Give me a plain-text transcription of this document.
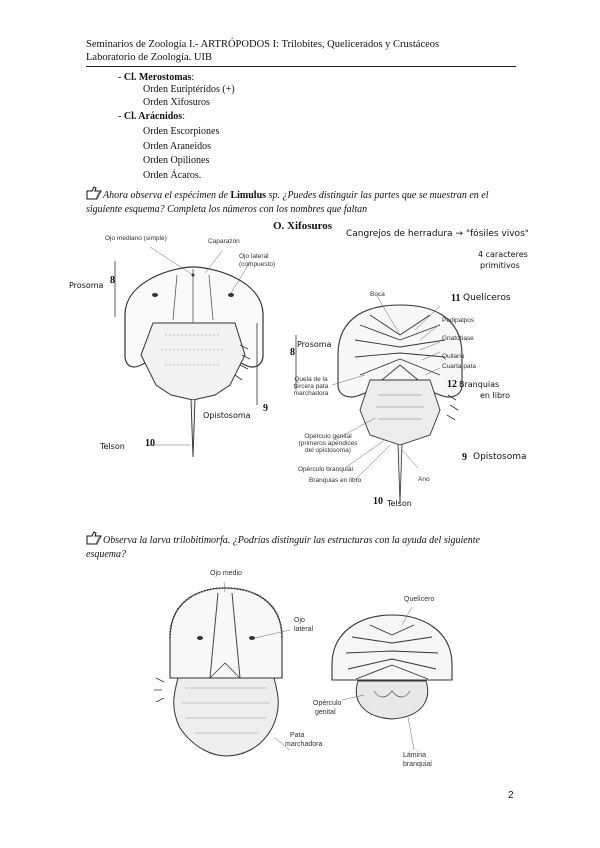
Seminarios de Zoología I.- ARTRÓPODOS I: Trilobites, Quelicerados y Crustáceos
Laboratorio de Zoología. UIB
- Cl. Merostomas:
Orden Euriptéridos (+)
Orden Xifosuros
- Cl. Arácnidos:
Orden Escorpiones
Orden Araneidos
Orden Opiliones
Orden Ácaros.
Ahora observa el espécimen de Limulus sp. ¿Puedes distinguir las partes que se muestran en el
siguiente esquema? Completa los números con los nombres que faltan
O. Xifosuros
Cangrejos de herradura → "fósiles vivos"
4 caracteres
primitivos
Ojo mediano (simple)	Caparazón
Ojo lateral
(compuesto)
8
Prosoma
9
Opistosoma
10
Telson
Boca	11 Quelíceros
Pedipalpos
Gnatobase
Quilario
Cuarta pata
12 Branquias
en libro
8
Prosoma
Quela de la
tercera pata
marchadora
Opérculo genital
(primeros apéndices
del opistosoma)
Opérculo branquial
Branquias en libro	Ano
9 Opistosoma
10 Telson
Observa la larva trilobitimorfa. ¿Podrías distinguir las estructuras con la ayuda del siguiente
esquema?
Ojo medio
Ojo
lateral
Pata
marchadora
Quelícero
Opérculo
genital
Lámina
branquial
2
